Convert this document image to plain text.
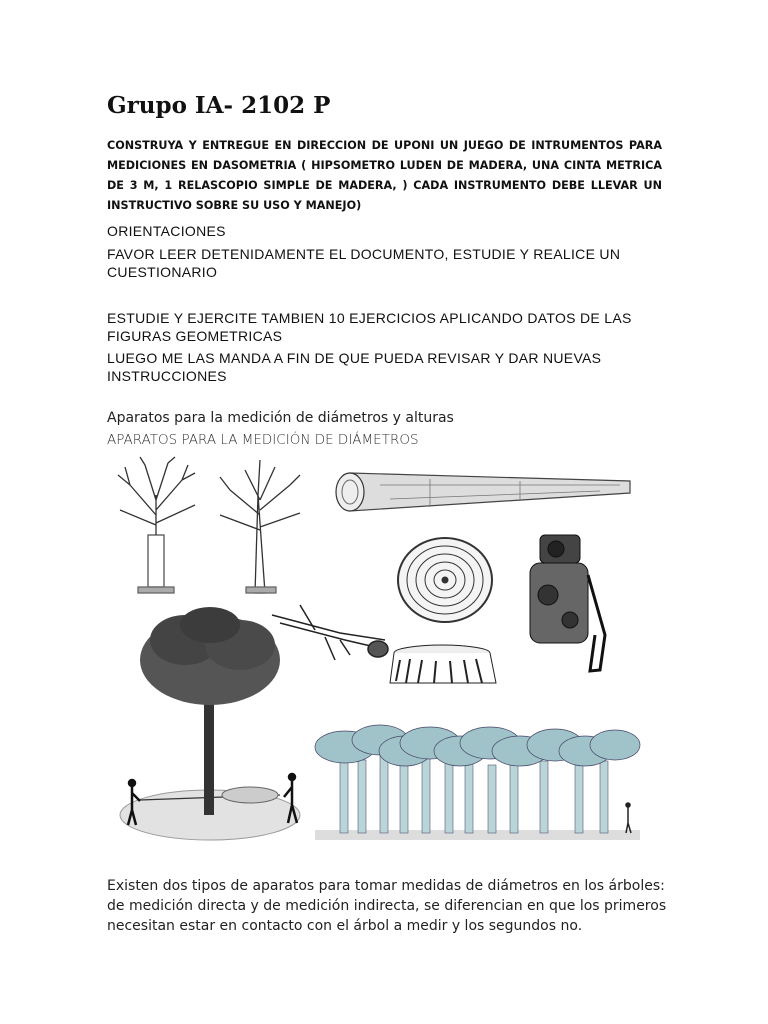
Grupo IA- 2102 P
CONSTRUYA Y ENTREGUE EN DIRECCION DE UPONI UN JUEGO DE INTRUMENTOS PARA MEDICIONES EN DASOMETRIA ( HIPSOMETRO LUDEN DE MADERA, UNA CINTA METRICA DE 3 M, 1 RELASCOPIO SIMPLE DE MADERA, ) CADA INSTRUMENTO DEBE LLEVAR UN INSTRUCTIVO SOBRE SU USO Y MANEJO)
ORIENTACIONES
FAVOR LEER DETENIDAMENTE EL DOCUMENTO, ESTUDIE Y REALICE UN CUESTIONARIO
ESTUDIE Y EJERCITE TAMBIEN 10 EJERCICIOS APLICANDO DATOS DE LAS FIGURAS GEOMETRICAS
LUEGO ME LAS MANDA A FIN DE QUE PUEDA REVISAR Y DAR NUEVAS INSTRUCCIONES
Aparatos para la medición de diámetros y alturas
APARATOS PARA LA MEDICIÓN DE DIÁMETROS
Existen dos tipos de aparatos para tomar medidas de diámetros en los árboles: de medición directa y de medición indirecta, se diferencian en que los primeros necesitan estar en contacto con el árbol a medir y los segundos no.
